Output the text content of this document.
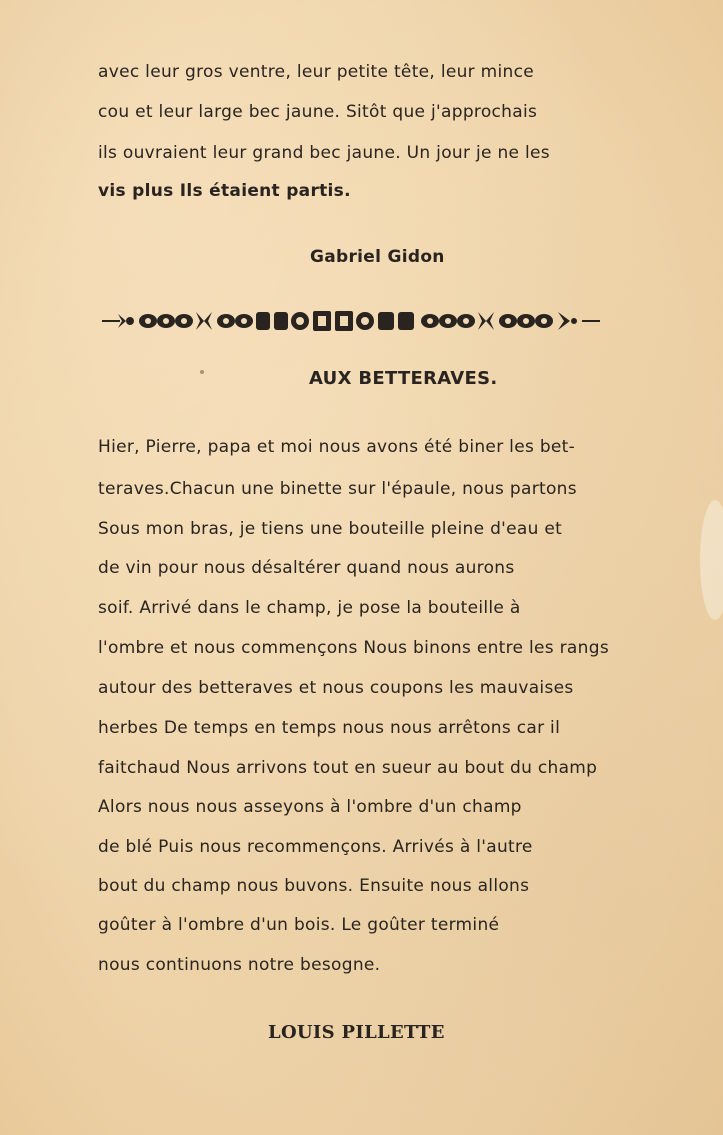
avec leur gros ventre, leur petite tête, leur mince
cou et leur large bec jaune. Sitôt que j'approchais
ils ouvraient leur grand bec jaune. Un jour je ne les
vis plus Ils étaient partis.
Gabriel Gidon
AUX BETTERAVES.
Hier, Pierre, papa et moi nous avons été biner les bet-
teraves.Chacun une binette sur l'épaule, nous partons
Sous mon bras, je tiens une bouteille pleine d'eau et
de vin pour nous désaltérer quand nous aurons
soif. Arrivé dans le champ, je pose la bouteille à
l'ombre et nous commençons Nous binons entre les rangs
autour des betteraves et nous coupons les mauvaises
herbes De temps en temps nous nous arrêtons car il
faitchaud Nous arrivons tout en sueur au bout du champ
Alors nous nous asseyons à l'ombre d'un champ
de blé Puis nous recommençons. Arrivés à l'autre
bout du champ nous buvons. Ensuite nous allons
goûter à l'ombre d'un bois. Le goûter terminé
nous continuons notre besogne.
LOUIS PILLETTE
